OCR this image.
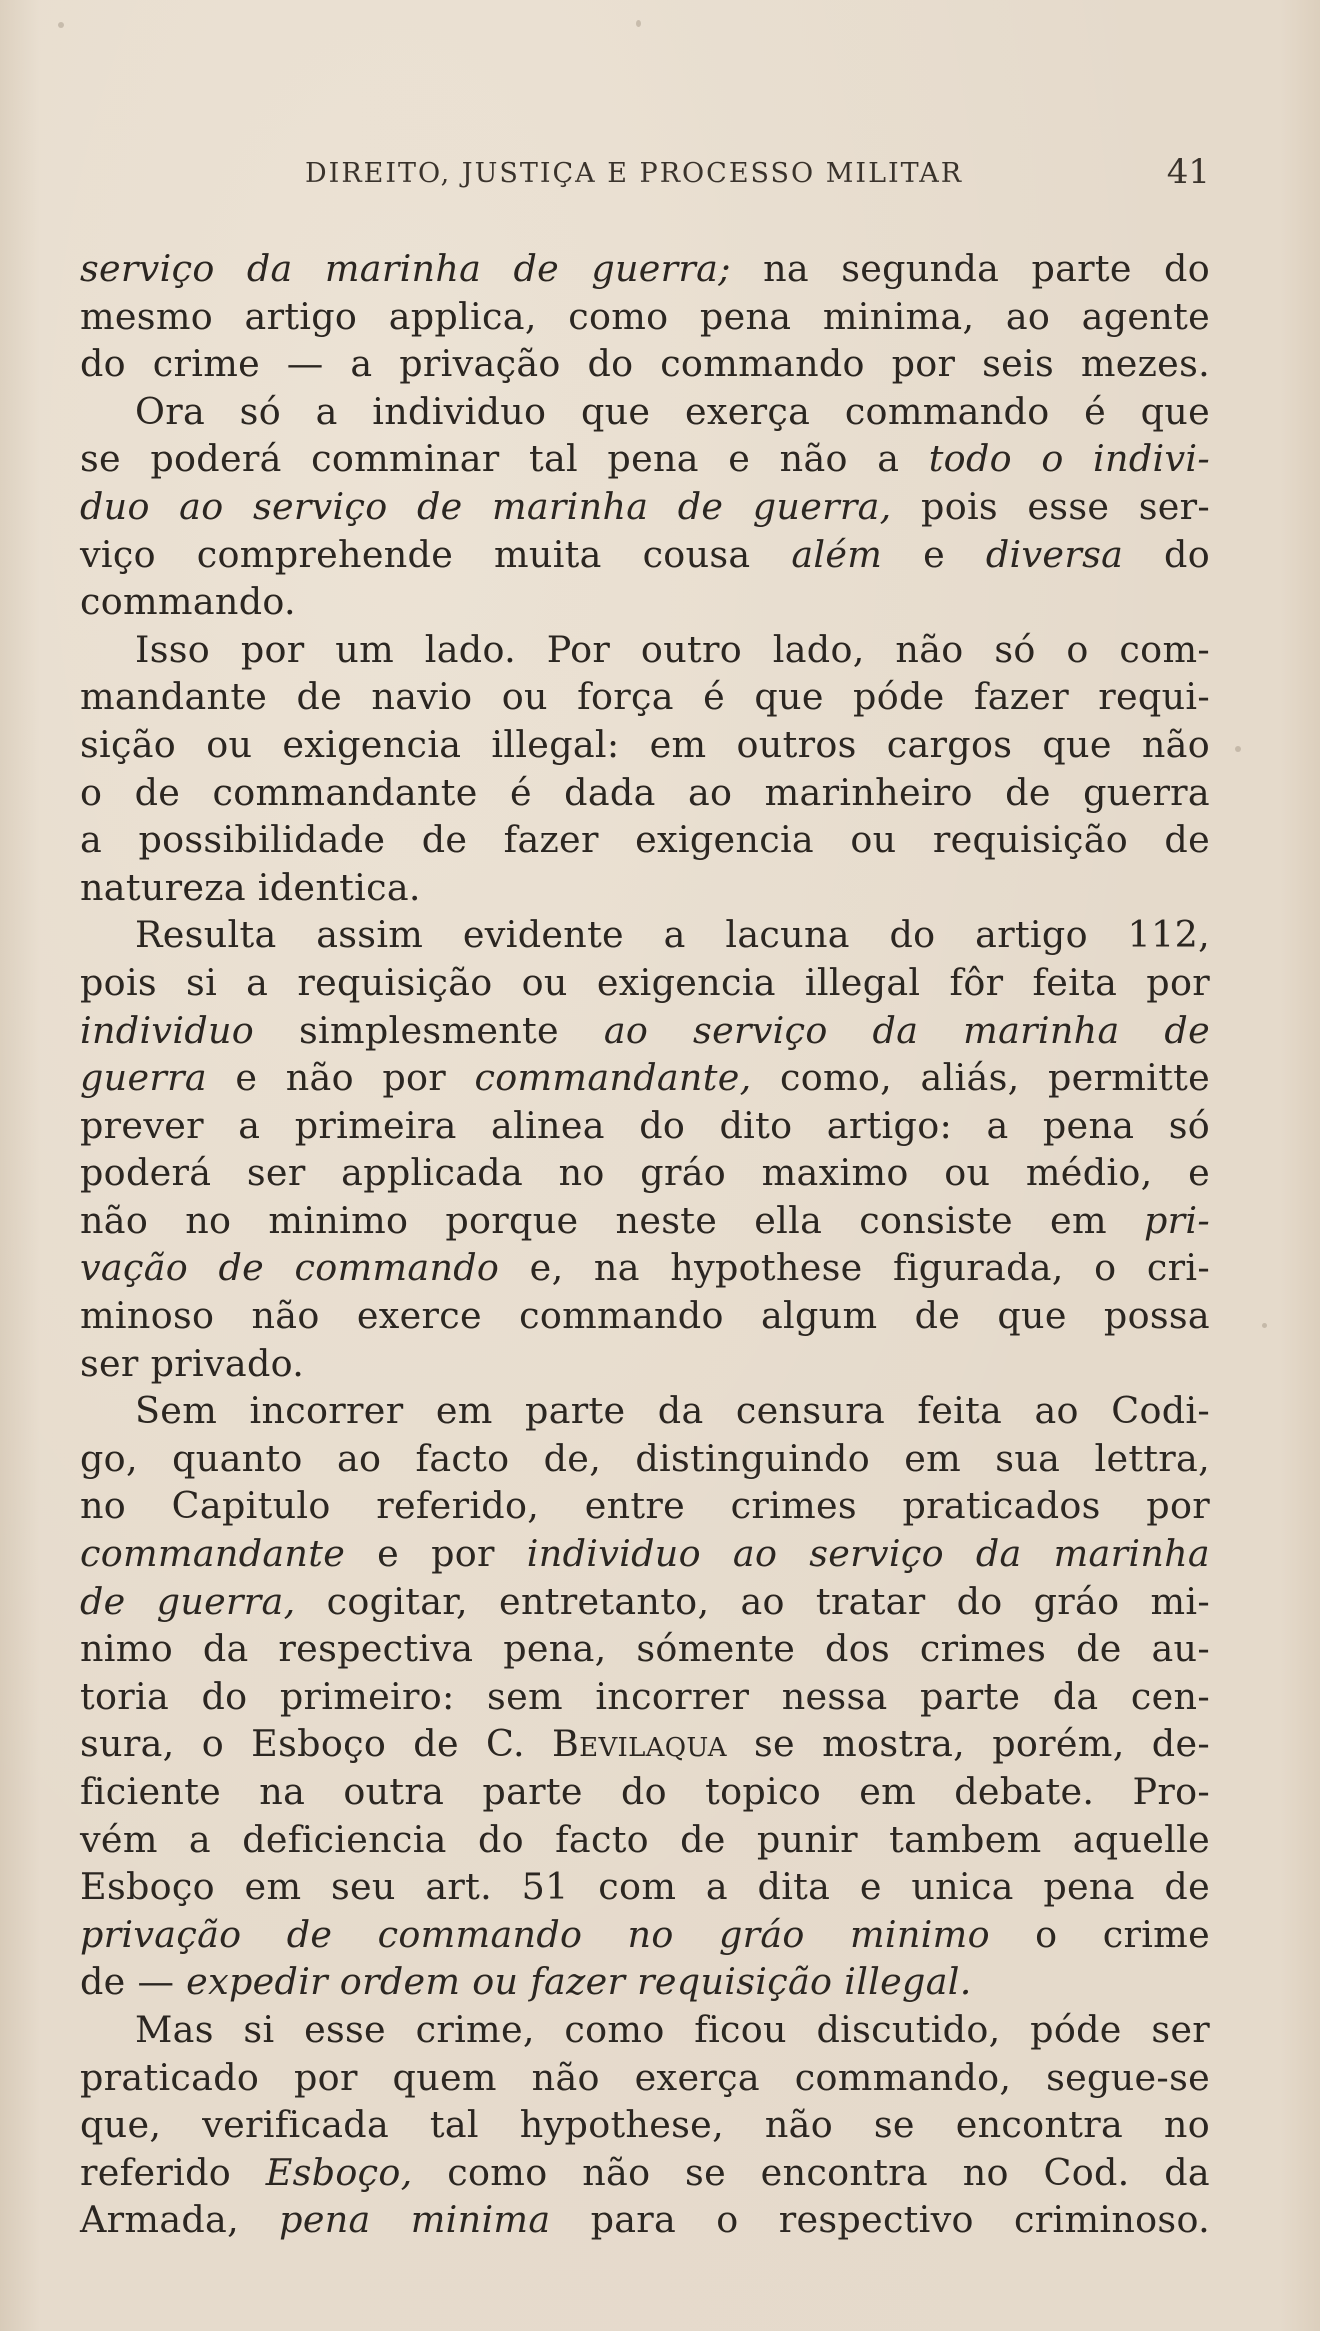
DIREITO, JUSTIÇA E PROCESSO MILITAR	41
serviço da marinha de guerra; na segunda parte do
mesmo artigo applica, como pena minima, ao agente
do crime — a privação do commando por seis mezes.
Ora só a individuo que exerça commando é que
se poderá comminar tal pena e não a todo o indivi-
duo ao serviço de marinha de guerra, pois esse ser-
viço comprehende muita cousa além e diversa do
commando.
Isso por um lado. Por outro lado, não só o com-
mandante de navio ou força é que póde fazer requi-
sição ou exigencia illegal: em outros cargos que não
o de commandante é dada ao marinheiro de guerra
a possibilidade de fazer exigencia ou requisição de
natureza identica.
Resulta assim evidente a lacuna do artigo 112,
pois si a requisição ou exigencia illegal fôr feita por
individuo simplesmente ao serviço da marinha de
guerra e não por commandante, como, aliás, permitte
prever a primeira alinea do dito artigo: a pena só
poderá ser applicada no gráo maximo ou médio, e
não no minimo porque neste ella consiste em pri-
vação de commando e, na hypothese figurada, o cri-
minoso não exerce commando algum de que possa
ser privado.
Sem incorrer em parte da censura feita ao Codi-
go, quanto ao facto de, distinguindo em sua lettra,
no Capitulo referido, entre crimes praticados por
commandante e por individuo ao serviço da marinha
de guerra, cogitar, entretanto, ao tratar do gráo mi-
nimo da respectiva pena, sómente dos crimes de au-
toria do primeiro: sem incorrer nessa parte da cen-
sura, o Esboço de C. Bevilaqua se mostra, porém, de-
ficiente na outra parte do topico em debate. Pro-
vém a deficiencia do facto de punir tambem aquelle
Esboço em seu art. 51 com a dita e unica pena de
privação de commando no gráo minimo o crime
de — expedir ordem ou fazer requisição illegal.
Mas si esse crime, como ficou discutido, póde ser
praticado por quem não exerça commando, segue-se
que, verificada tal hypothese, não se encontra no
referido Esboço, como não se encontra no Cod. da
Armada, pena minima para o respectivo criminoso.
